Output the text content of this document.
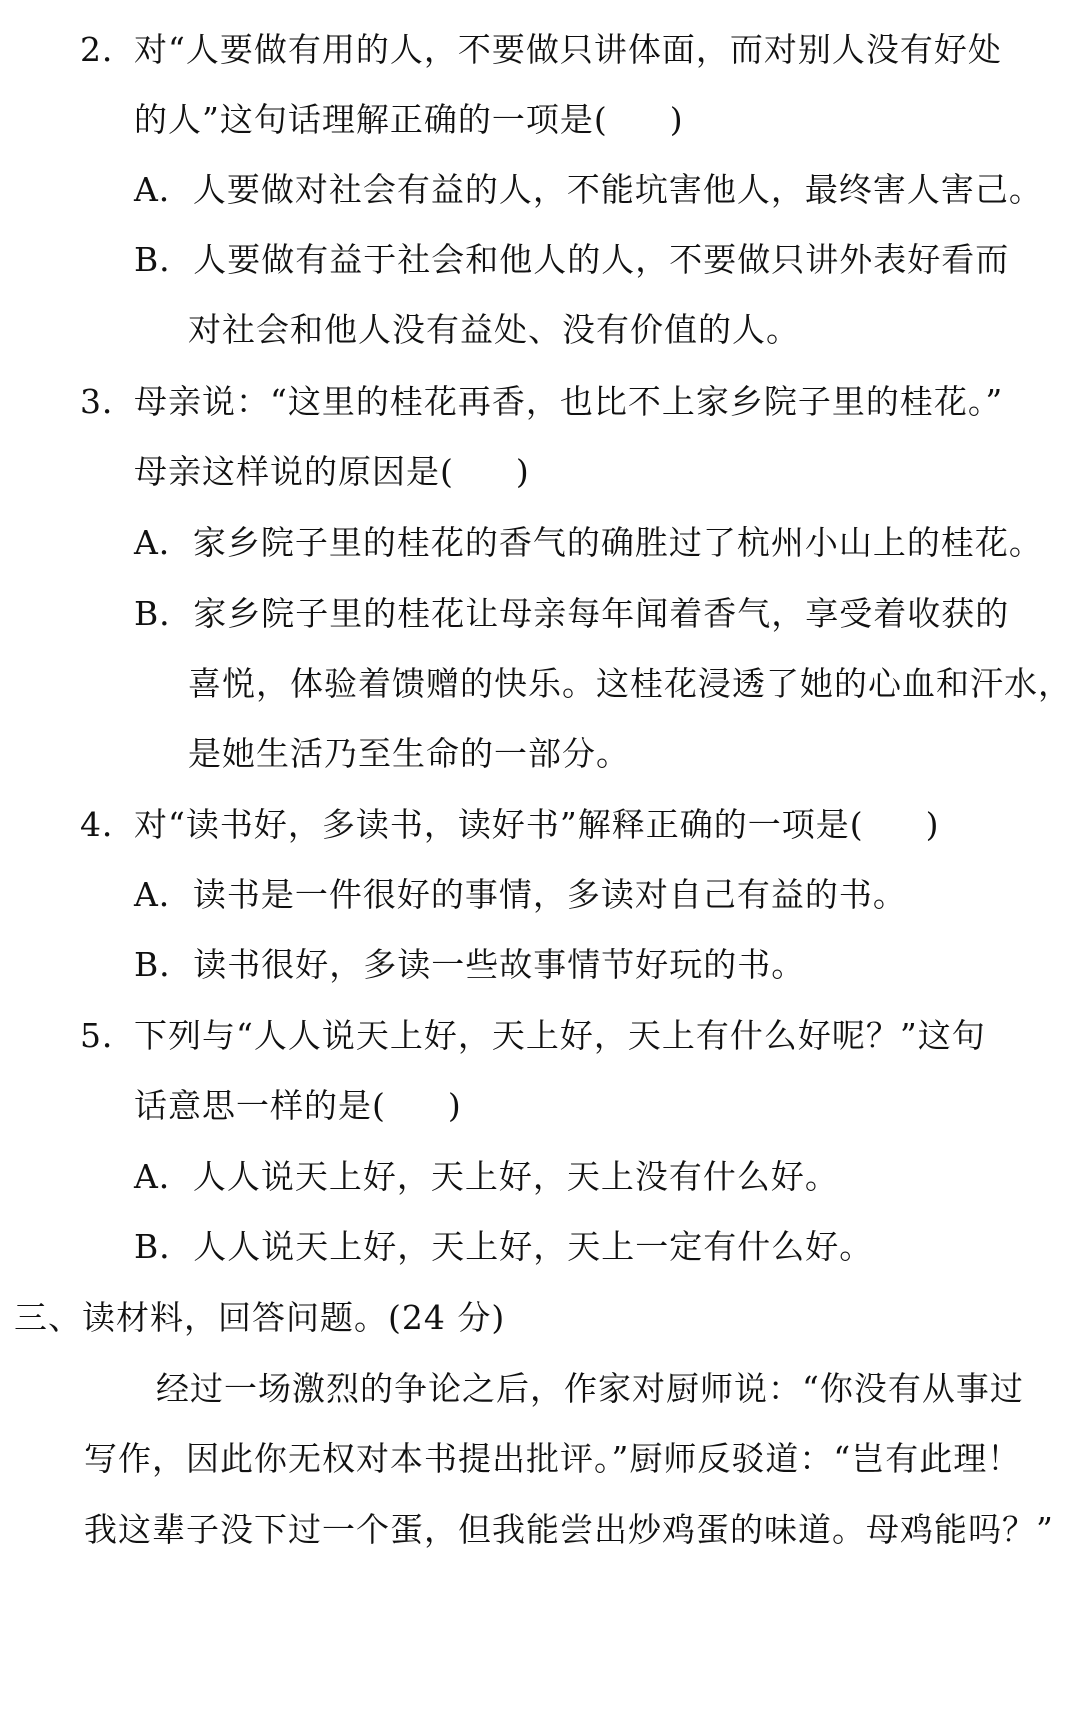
2．
对“人要做有用的人，不要做只讲体面，而对别人没有好处
的人”这句话理解正确的一项是( )
A．人要做对社会有益的人，不能坑害他人，最终害人害己。
B．人要做有益于社会和他人的人，不要做只讲外表好看而
对社会和他人没有益处、没有价值的人。
3．
母亲说：“这里的桂花再香，也比不上家乡院子里的桂花。”
母亲这样说的原因是( )
A．家乡院子里的桂花的香气的确胜过了杭州小山上的桂花。
B．家乡院子里的桂花让母亲每年闻着香气，享受着收获的
喜悦，体验着馈赠的快乐。这桂花浸透了她的心血和汗水，
是她生活乃至生命的一部分。
4．
对“读书好，多读书，读好书”解释正确的一项是( )
A．读书是一件很好的事情，多读对自己有益的书。
B．读书很好，多读一些故事情节好玩的书。
5．
下列与“人人说天上好，天上好，天上有什么好呢？”这句
话意思一样的是( )
A．人人说天上好，天上好，天上没有什么好。
B．人人说天上好，天上好，天上一定有什么好。
三、读材料，回答问题。(24 分)
经过一场激烈的争论之后，作家对厨师说：“你没有从事过
写作，因此你无权对本书提出批评。”厨师反驳道：“岂有此理！
我这辈子没下过一个蛋，但我能尝出炒鸡蛋的味道。母鸡能吗？”
